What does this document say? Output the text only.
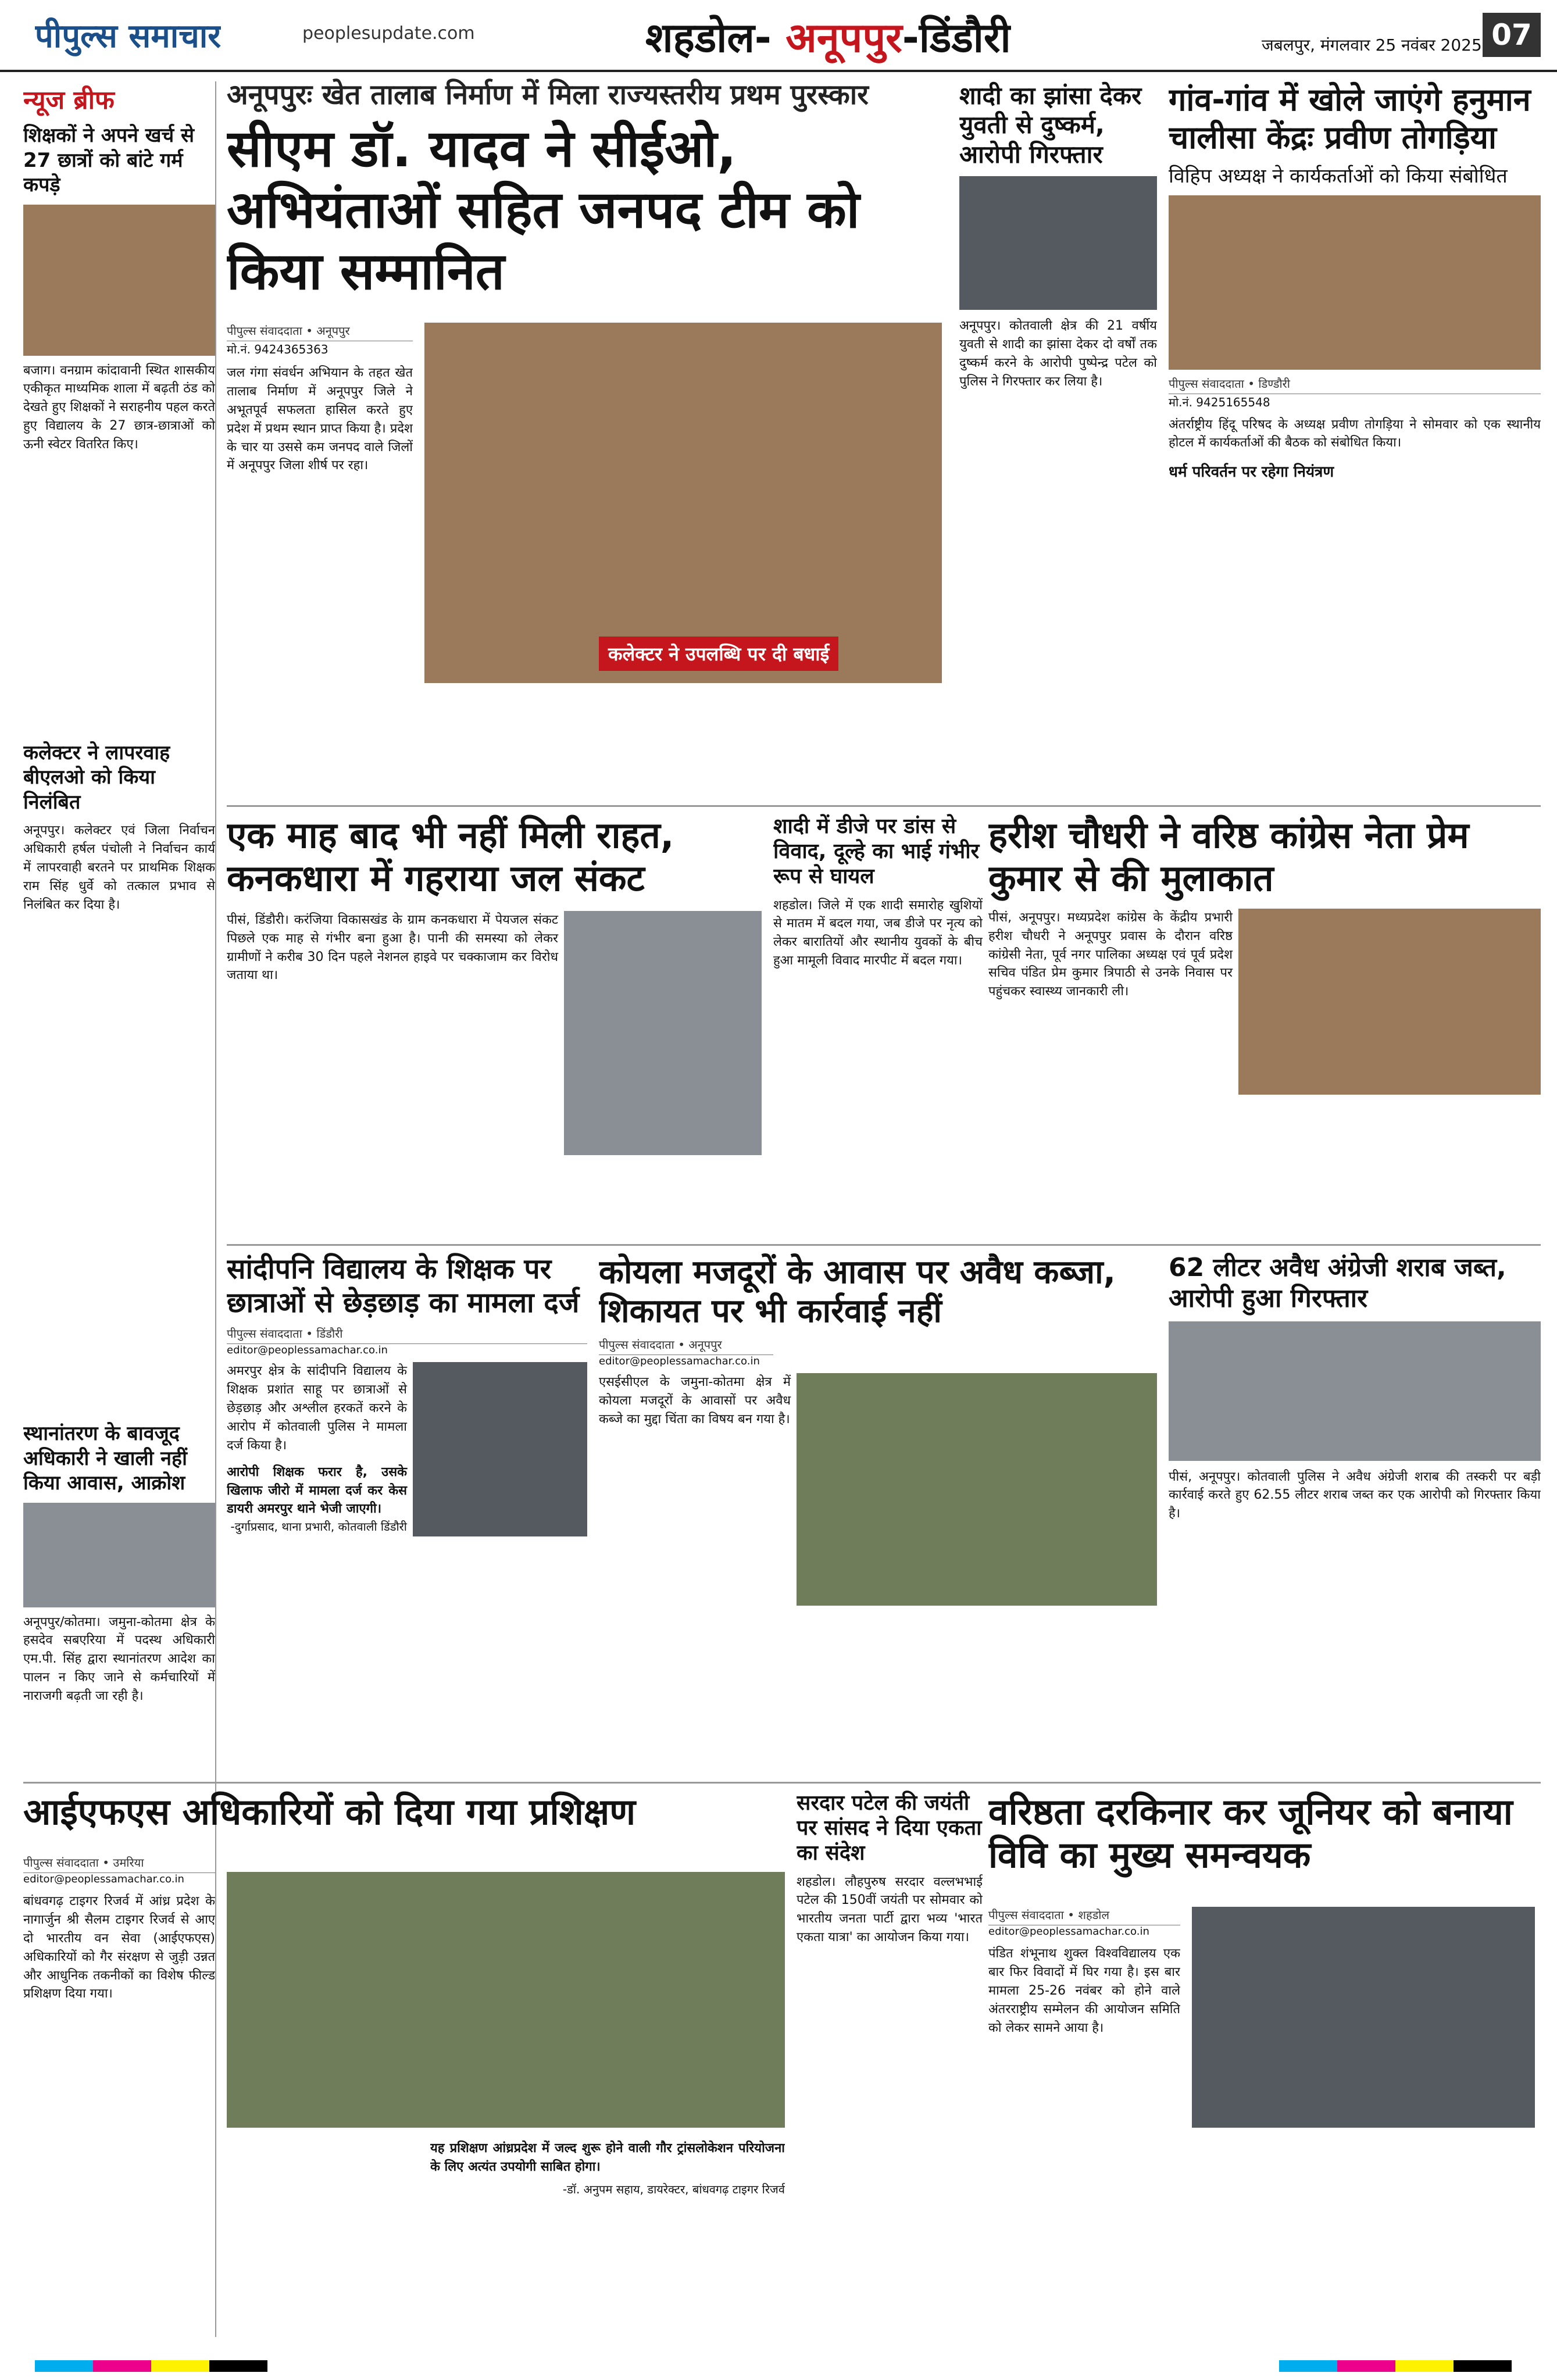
पीपुल्स समाचार	peoplesupdate.com	शहडोल- अनूपपुर-डिंडौरी	जबलपुर, मंगलवार 25 नवंबर 2025 07
न्यूज ब्रीफ
शिक्षकों ने अपने खर्च से 27 छात्रों को बांटे गर्म कपड़े
बजाग। वनग्राम कांदावानी स्थित शासकीय एकीकृत माध्यमिक शाला में बढ़ती ठंड को देखते हुए शिक्षकों ने सराहनीय पहल करते हुए विद्यालय के 27 छात्र-छात्राओं को ऊनी स्वेटर वितरित किए।
कलेक्टर ने लापरवाह बीएलओ को किया निलंबित
अनूपपुर। कलेक्टर एवं जिला निर्वाचन अधिकारी हर्षल पंचोली ने निर्वाचन कार्य में लापरवाही बरतने पर प्राथमिक शिक्षक राम सिंह धुर्वे को तत्काल प्रभाव से निलंबित कर दिया है।
स्थानांतरण के बावजूद अधिकारी ने खाली नहीं किया आवास, आक्रोश
अनूपपुर/कोतमा। जमुना-कोतमा क्षेत्र के हसदेव सबएरिया में पदस्थ अधिकारी एम.पी. सिंह द्वारा स्थानांतरण आदेश का पालन न किए जाने से कर्मचारियों में नाराजगी बढ़ती जा रही है।
अनूपपुरः खेत तालाब निर्माण में मिला राज्यस्तरीय प्रथम पुरस्कार
सीएम डॉ. यादव ने सीईओ, अभियंताओं सहित जनपद टीम को किया सम्मानित
पीपुल्स संवाददाता • अनूपपुर
मो.नं. 9424365363
जल गंगा संवर्धन अभियान के तहत खेत तालाब निर्माण में अनूपपुर जिले ने अभूतपूर्व सफलता हासिल करते हुए प्रदेश में प्रथम स्थान प्राप्त किया है। प्रदेश के चार या उससे कम जनपद वाले जिलों में अनूपपुर जिला शीर्ष पर रहा।
कलेक्टर ने उपलब्धि पर दी बधाई
शादी का झांसा देकर युवती से दुष्कर्म, आरोपी गिरफ्तार
अनूपपुर। कोतवाली क्षेत्र की 21 वर्षीय युवती से शादी का झांसा देकर दो वर्षों तक दुष्कर्म करने के आरोपी पुष्पेन्द्र पटेल को पुलिस ने गिरफ्तार कर लिया है।
गांव-गांव में खोले जाएंगे हनुमान चालीसा केंद्रः प्रवीण तोगड़िया
विहिप अध्यक्ष ने कार्यकर्ताओं को किया संबोधित
पीपुल्स संवाददाता • डिण्डौरी
मो.नं. 9425165548
अंतर्राष्ट्रीय हिंदू परिषद के अध्यक्ष प्रवीण तोगड़िया ने सोमवार को एक स्थानीय होटल में कार्यकर्ताओं की बैठक को संबोधित किया।
धर्म परिवर्तन पर रहेगा नियंत्रण
एक माह बाद भी नहीं मिली राहत, कनकधारा में गहराया जल संकट
पीसं, डिंडौरी। करंजिया विकासखंड के ग्राम कनकधारा में पेयजल संकट पिछले एक माह से गंभीर बना हुआ है। पानी की समस्या को लेकर ग्रामीणों ने करीब 30 दिन पहले नेशनल हाइवे पर चक्काजाम कर विरोध जताया था।
शादी में डीजे पर डांस से विवाद, दूल्हे का भाई गंभीर रूप से घायल
शहडोल। जिले में एक शादी समारोह खुशियों से मातम में बदल गया, जब डीजे पर नृत्य को लेकर बारातियों और स्थानीय युवकों के बीच हुआ मामूली विवाद मारपीट में बदल गया।
हरीश चौधरी ने वरिष्ठ कांग्रेस नेता प्रेम कुमार से की मुलाकात
पीसं, अनूपपुर। मध्यप्रदेश कांग्रेस के केंद्रीय प्रभारी हरीश चौधरी ने अनूपपुर प्रवास के दौरान वरिष्ठ कांग्रेसी नेता, पूर्व नगर पालिका अध्यक्ष एवं पूर्व प्रदेश सचिव पंडित प्रेम कुमार त्रिपाठी से उनके निवास पर पहुंचकर स्वास्थ्य जानकारी ली।
सांदीपनि विद्यालय के शिक्षक पर छात्राओं से छेड़छाड़ का मामला दर्ज
पीपुल्स संवाददाता • डिंडौरी
editor@peoplessamachar.co.in
अमरपुर क्षेत्र के सांदीपनि विद्यालय के शिक्षक प्रशांत साहू पर छात्राओं से छेड़छाड़ और अश्लील हरकतें करने के आरोप में कोतवाली पुलिस ने मामला दर्ज किया है।
आरोपी शिक्षक फरार है, उसके खिलाफ जीरो में मामला दर्ज कर केस डायरी अमरपुर थाने भेजी जाएगी।
-दुर्गाप्रसाद, थाना प्रभारी, कोतवाली डिंडौरी
कोयला मजदूरों के आवास पर अवैध कब्जा, शिकायत पर भी कार्रवाई नहीं
पीपुल्स संवाददाता • अनूपपुर
editor@peoplessamachar.co.in
एसईसीएल के जमुना-कोतमा क्षेत्र में कोयला मजदूरों के आवासों पर अवैध कब्जे का मुद्दा चिंता का विषय बन गया है।
62 लीटर अवैध अंग्रेजी शराब जब्त, आरोपी हुआ गिरफ्तार
पीसं, अनूपपुर। कोतवाली पुलिस ने अवैध अंग्रेजी शराब की तस्करी पर बड़ी कार्रवाई करते हुए 62.55 लीटर शराब जब्त कर एक आरोपी को गिरफ्तार किया है।
आईएफएस अधिकारियों को दिया गया प्रशिक्षण
पीपुल्स संवाददाता • उमरिया
editor@peoplessamachar.co.in
बांधवगढ़ टाइगर रिजर्व में आंध्र प्रदेश के नागार्जुन श्री सैलम टाइगर रिजर्व से आए दो भारतीय वन सेवा (आईएफएस) अधिकारियों को गैर संरक्षण से जुड़ी उन्नत और आधुनिक तकनीकों का विशेष फील्ड प्रशिक्षण दिया गया।
यह प्रशिक्षण आंध्रप्रदेश में जल्द शुरू होने वाली गौर ट्रांसलोकेशन परियोजना के लिए अत्यंत उपयोगी साबित होगा।
-डॉ. अनुपम सहाय, डायरेक्टर, बांधवगढ़ टाइगर रिजर्व
सरदार पटेल की जयंती पर सांसद ने दिया एकता का संदेश
शहडोल। लौहपुरुष सरदार वल्लभभाई पटेल की 150वीं जयंती पर सोमवार को भारतीय जनता पार्टी द्वारा भव्य 'भारत एकता यात्रा' का आयोजन किया गया।
वरिष्ठता दरकिनार कर जूनियर को बनाया विवि का मुख्य समन्वयक
पीपुल्स संवाददाता • शहडोल
editor@peoplessamachar.co.in
पंडित शंभूनाथ शुक्ल विश्वविद्यालय एक बार फिर विवादों में घिर गया है। इस बार मामला 25-26 नवंबर को होने वाले अंतरराष्ट्रीय सम्मेलन की आयोजन समिति को लेकर सामने आया है।
